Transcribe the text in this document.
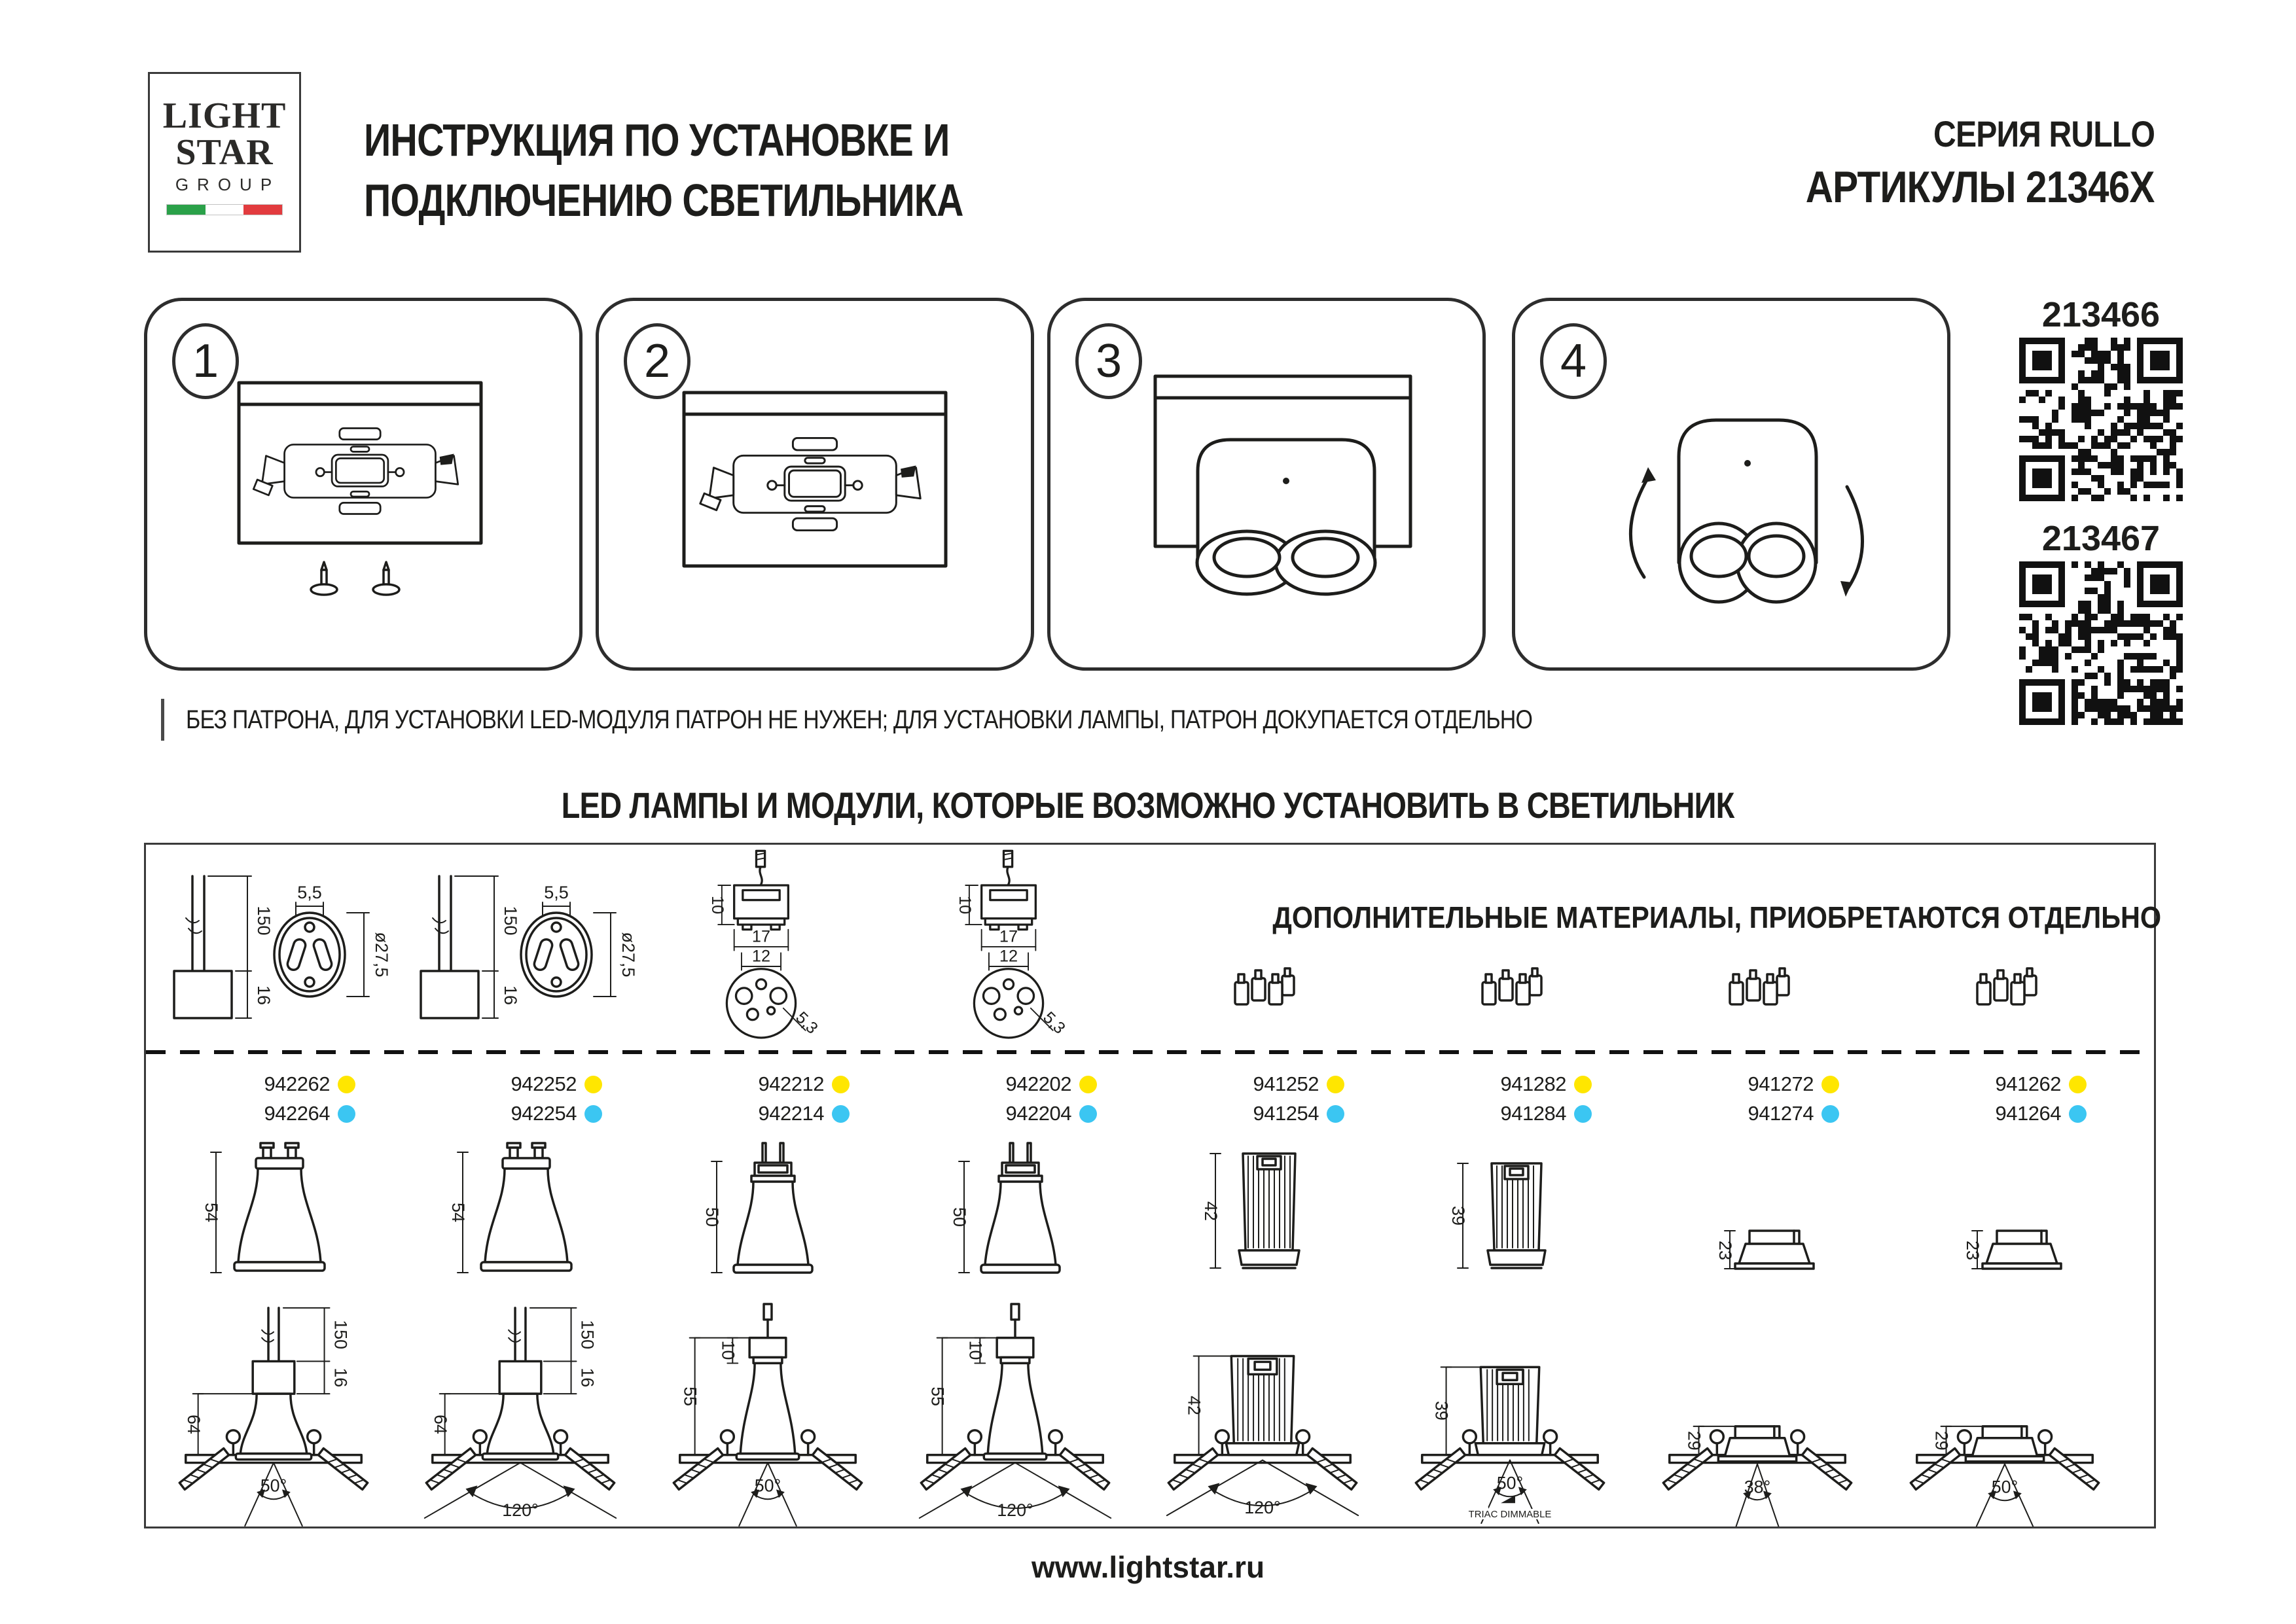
LIGHT
STAR
GROUP
ИНСТРУКЦИЯ ПО УСТАНОВКЕ И
ПОДКЛЮЧЕНИЮ СВЕТИЛЬНИКА
СЕРИЯ RULLO
АРТИКУЛЫ 21346X
1	2	3	4
213466
213467
БЕЗ ПАТРОНА, ДЛЯ УСТАНОВКИ LED-МОДУЛЯ ПАТРОН НЕ НУЖЕН; ДЛЯ УСТАНОВКИ ЛАМПЫ, ПАТРОН ДОКУПАЕТСЯ ОТДЕЛЬНО
LED ЛАМПЫ И МОДУЛИ, КОТОРЫЕ ВОЗМОЖНО УСТАНОВИТЬ В СВЕТИЛЬНИК
ДОПОЛНИТЕЛЬНЫЕ МАТЕРИАЛЫ, ПРИОБРЕТАЮТСЯ ОТДЕЛЬНО
150
16
5,5
ø27,5
150
16
5,5
ø27,5
10
17
12
5,3
10
17
12
5,3
942262
942264
942252
942254
942212
942214
942202
942204
941252
941254
941282
941284
941272
941274
941262
941264
54	54	50	50	42	39
23	23
64
150
16
50°
64
150
16
120°
55
10
50°
55
10
120°
42
120°
39
50°
TRIAC DIMMABLE
29
38°
29
50°
www.lightstar.ru
